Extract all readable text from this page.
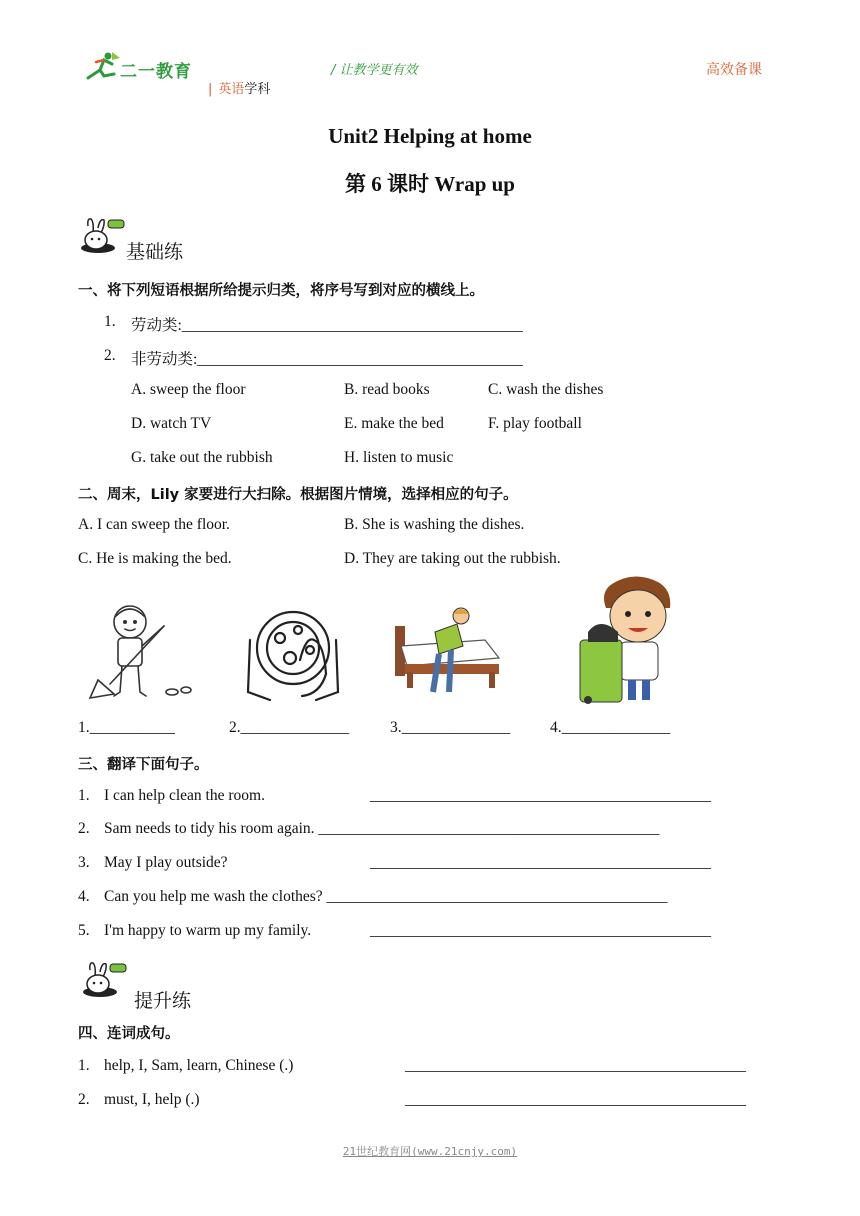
二一教育	/ 让教学更有效
| 英语学科
高效备课
Unit2 Helping at home
第 6 课时 Wrap up
基础练
一、将下列短语根据所给提示归类，将序号写到对应的横线上。
1. 劳动类:____________________________________________
2. 非劳动类:__________________________________________
A. sweep the floor	B. read books	C. wash the dishes
D. watch TV	E. make the bed	F. play football
G. take out the rubbish	H. listen to music
二、周末，Lily 家要进行大扫除。根据图片情境，选择相应的句子。
A. I can sweep the floor.	B. She is washing the dishes.
C. He is making the bed.	D. They are taking out the rubbish.
1.___________	2.______________	3.______________	4.______________
三、翻译下面句子。
1. I can help clean the room.	____________________________________________
2. Sam needs to tidy his room again. ____________________________________________
3. May I play outside?	____________________________________________
4. Can you help me wash the clothes? ____________________________________________
5. I'm happy to warm up my family.	____________________________________________
提升练
四、连词成句。
1. help, I, Sam, learn, Chinese (.)	____________________________________________
2. must, I, help (.)	____________________________________________
21世纪教育网(www.21cnjy.com)
